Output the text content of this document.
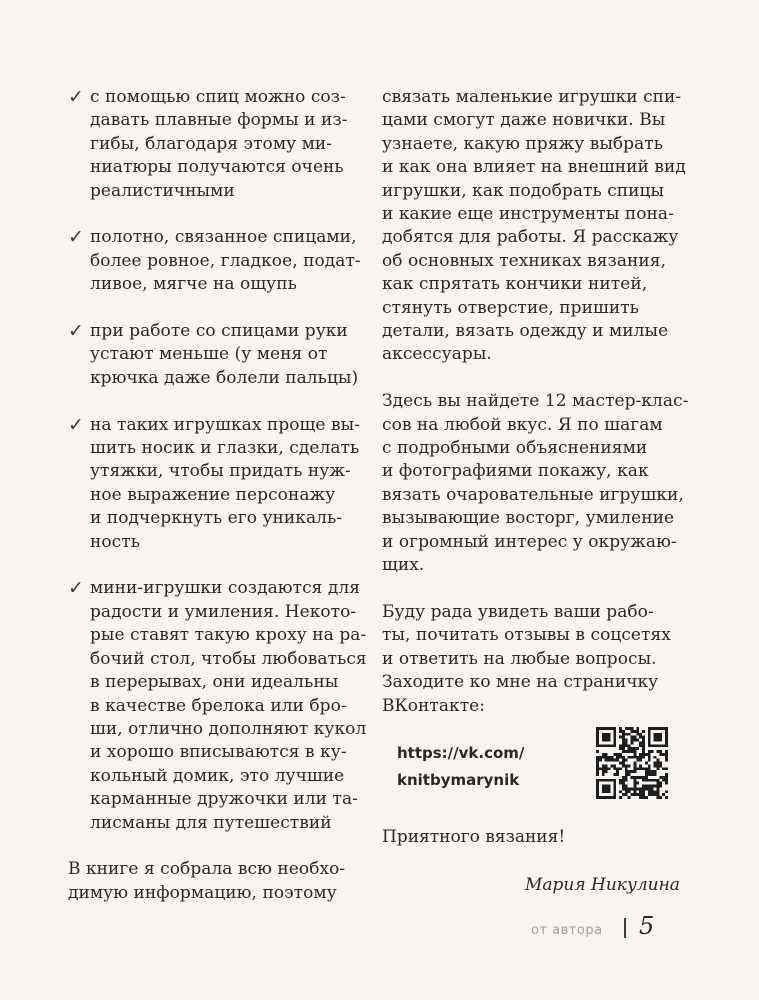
✓ с помощью спиц можно соз-
давать плавные формы и из-
гибы, благодаря этому ми-
ниатюры получаются очень
реалистичными
✓ полотно, связанное спицами,
более ровное, гладкое, подат-
ливое, мягче на ощупь
✓ при работе со спицами руки
устают меньше (у меня от
крючка даже болели пальцы)
✓ на таких игрушках проще вы-
шить носик и глазки, сделать
утяжки, чтобы придать нуж-
ное выражение персонажу
и подчеркнуть его уникаль-
ность
✓ мини-игрушки создаются для
радости и умиления. Некото-
рые ставят такую кроху на ра-
бочий стол, чтобы любоваться
в перерывах, они идеальны
в качестве брелока или бро-
ши, отлично дополняют кукол
и хорошо вписываются в ку-
кольный домик, это лучшие
карманные дружочки или та-
лисманы для путешествий
В книге я собрала всю необхо-
димую информацию, поэтому
связать маленькие игрушки спи-
цами смогут даже новички. Вы
узнаете, какую пряжу выбрать
и как она влияет на внешний вид
игрушки, как подобрать спицы
и какие еще инструменты пона-
добятся для работы. Я расскажу
об основных техниках вязания,
как спрятать кончики нитей,
стянуть отверстие, пришить
детали, вязать одежду и милые
аксессуары.
Здесь вы найдете 12 мастер-клас-
сов на любой вкус. Я по шагам
с подробными объяснениями
и фотографиями покажу, как
вязать очаровательные игрушки,
вызывающие восторг, умиление
и огромный интерес у окружаю-
щих.
Буду рада увидеть ваши рабо-
ты, почитать отзывы в соцсетях
и ответить на любые вопросы.
Заходите ко мне на страничку
ВКонтакте:
https://vk.com/
knitbymarynik
Приятного вязания!
Мария Никулина
от автора 5
